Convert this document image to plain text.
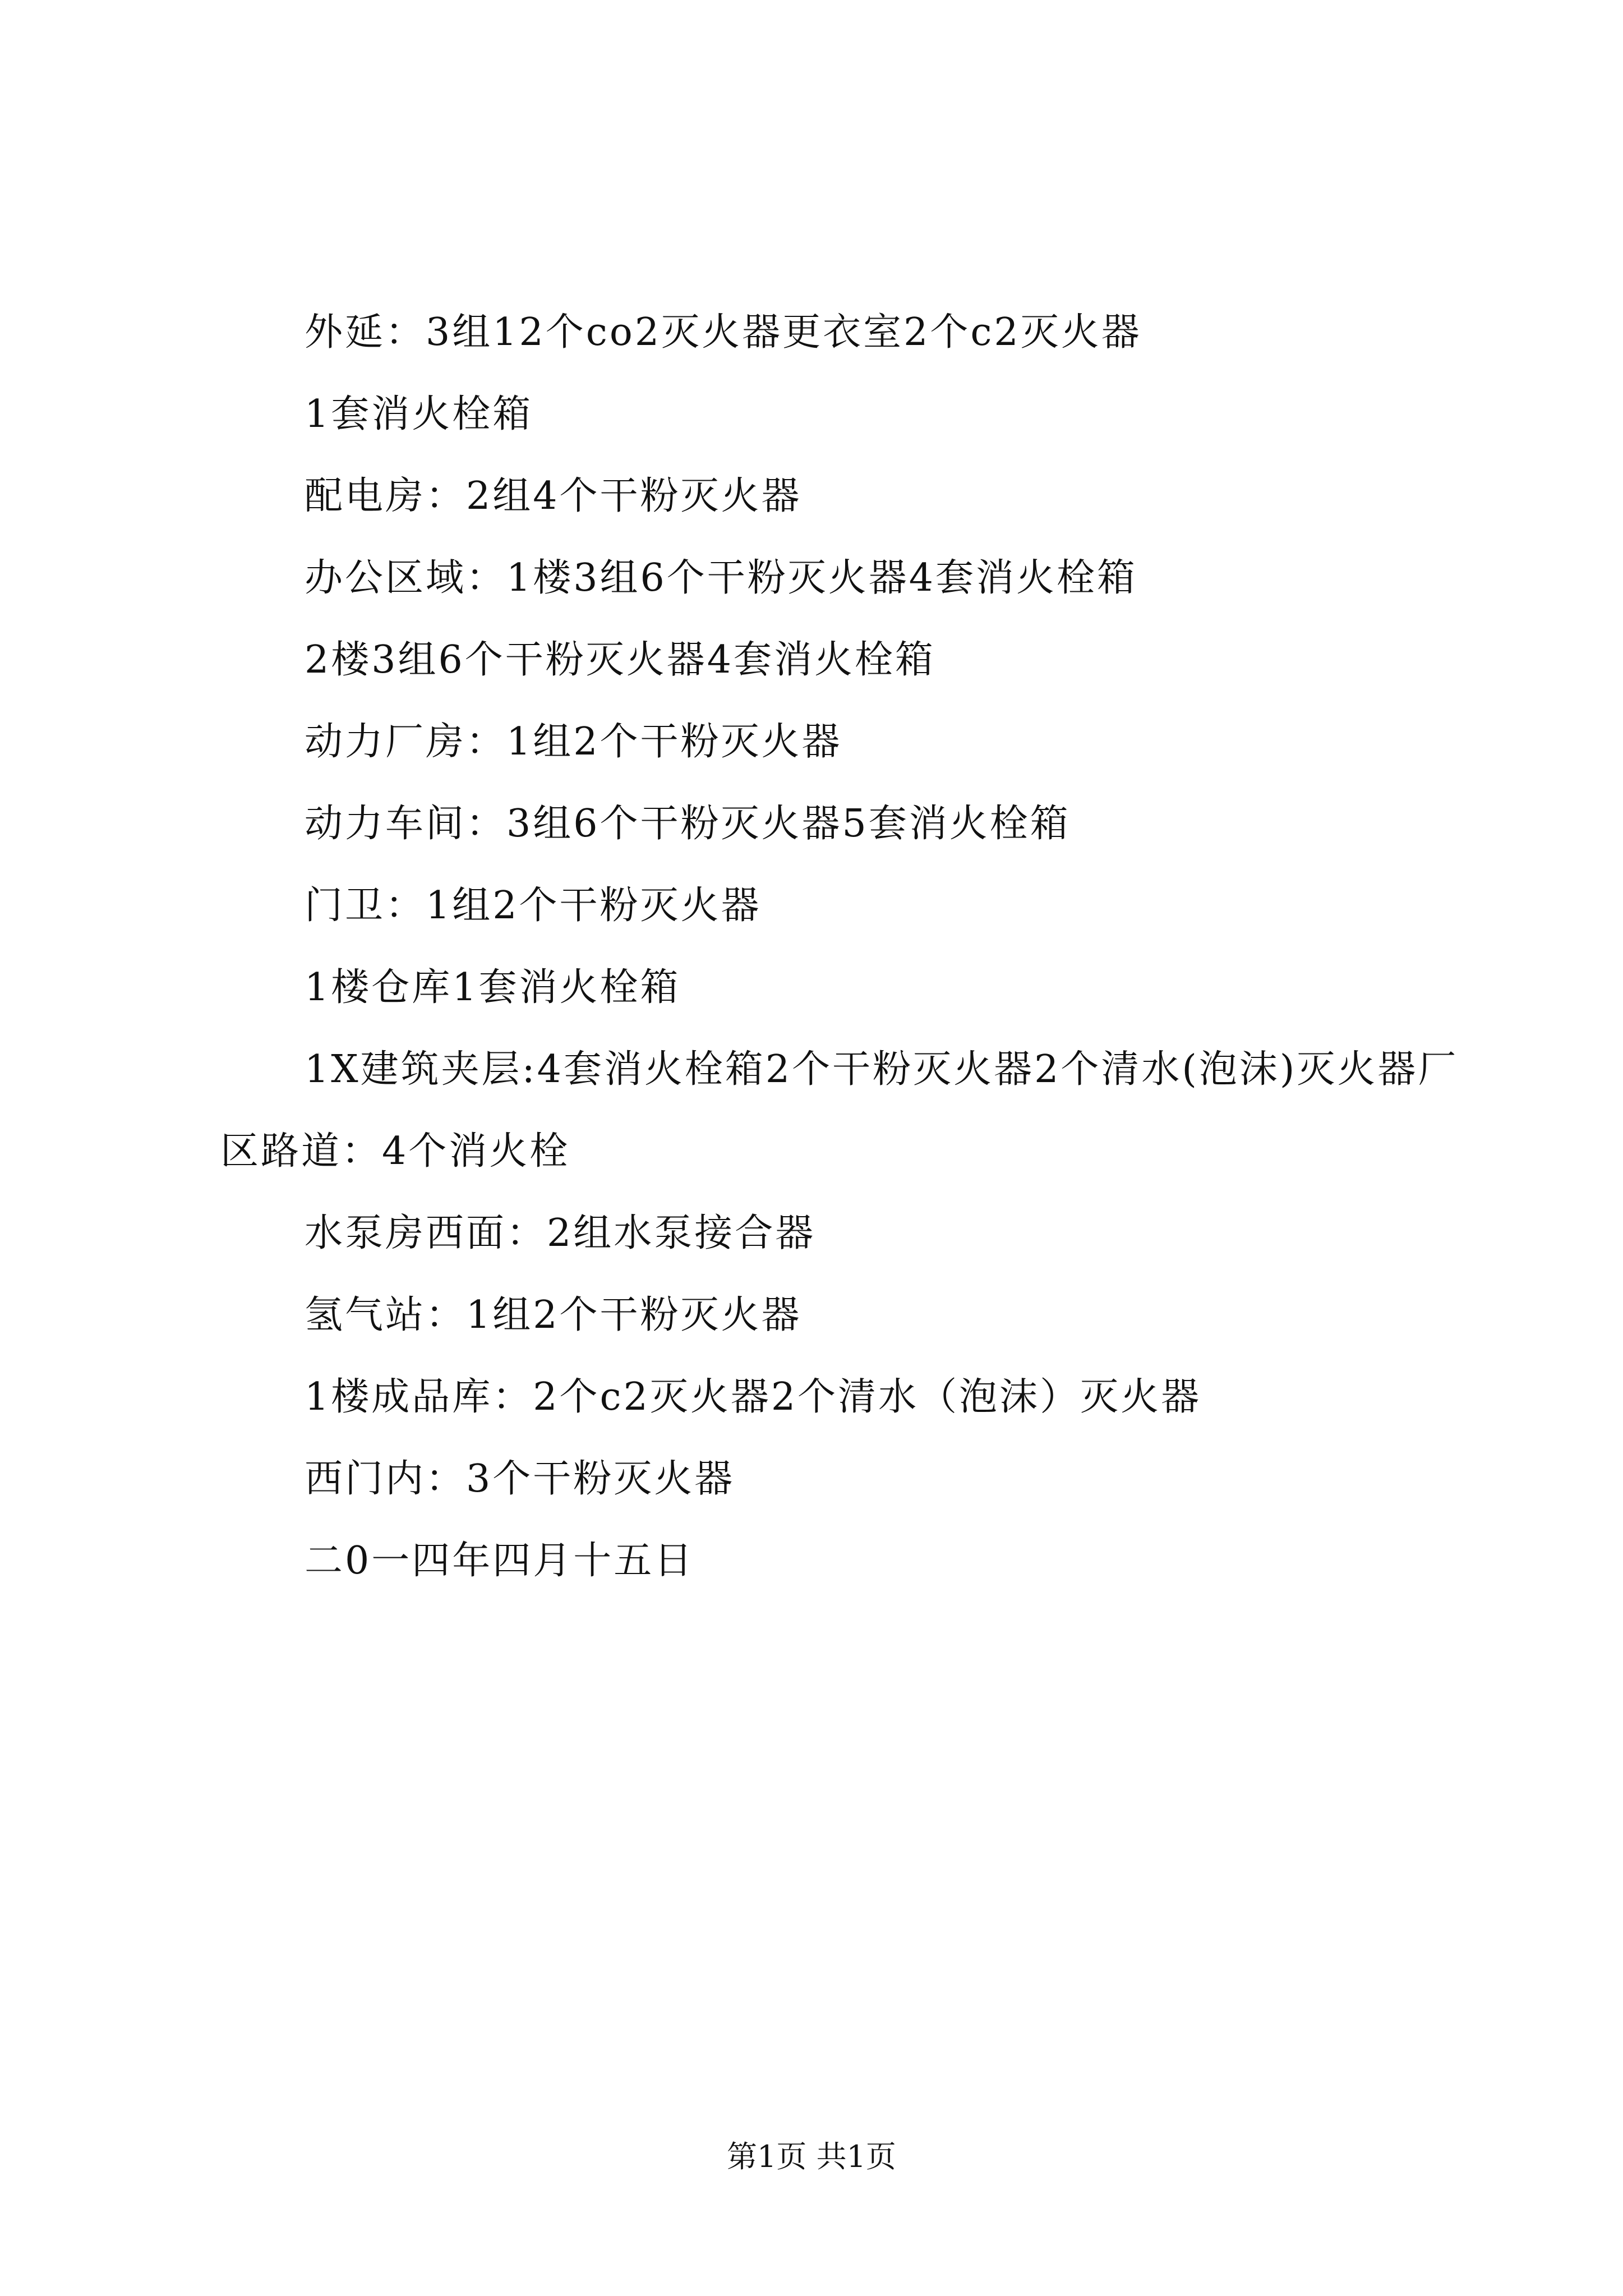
外延：3组12个co2灭火器更衣室2个c2灭火器

1套消火栓箱

配电房：2组4个干粉灭火器

办公区域：1楼3组6个干粉灭火器4套消火栓箱

2楼3组6个干粉灭火器4套消火栓箱

动力厂房：1组2个干粉灭火器

动力车间：3组6个干粉灭火器5套消火栓箱

门卫：1组2个干粉灭火器

1楼仓库1套消火栓箱

1X建筑夹层:4套消火栓箱2个干粉灭火器2个清水(泡沫)灭火器厂区路道：4个消火栓

水泵房西面：2组水泵接合器

氢气站：1组2个干粉灭火器

1楼成品库：2个c2灭火器2个清水（泡沫）灭火器

西门内：3个干粉灭火器

二0一四年四月十五日

第1页 共1页
